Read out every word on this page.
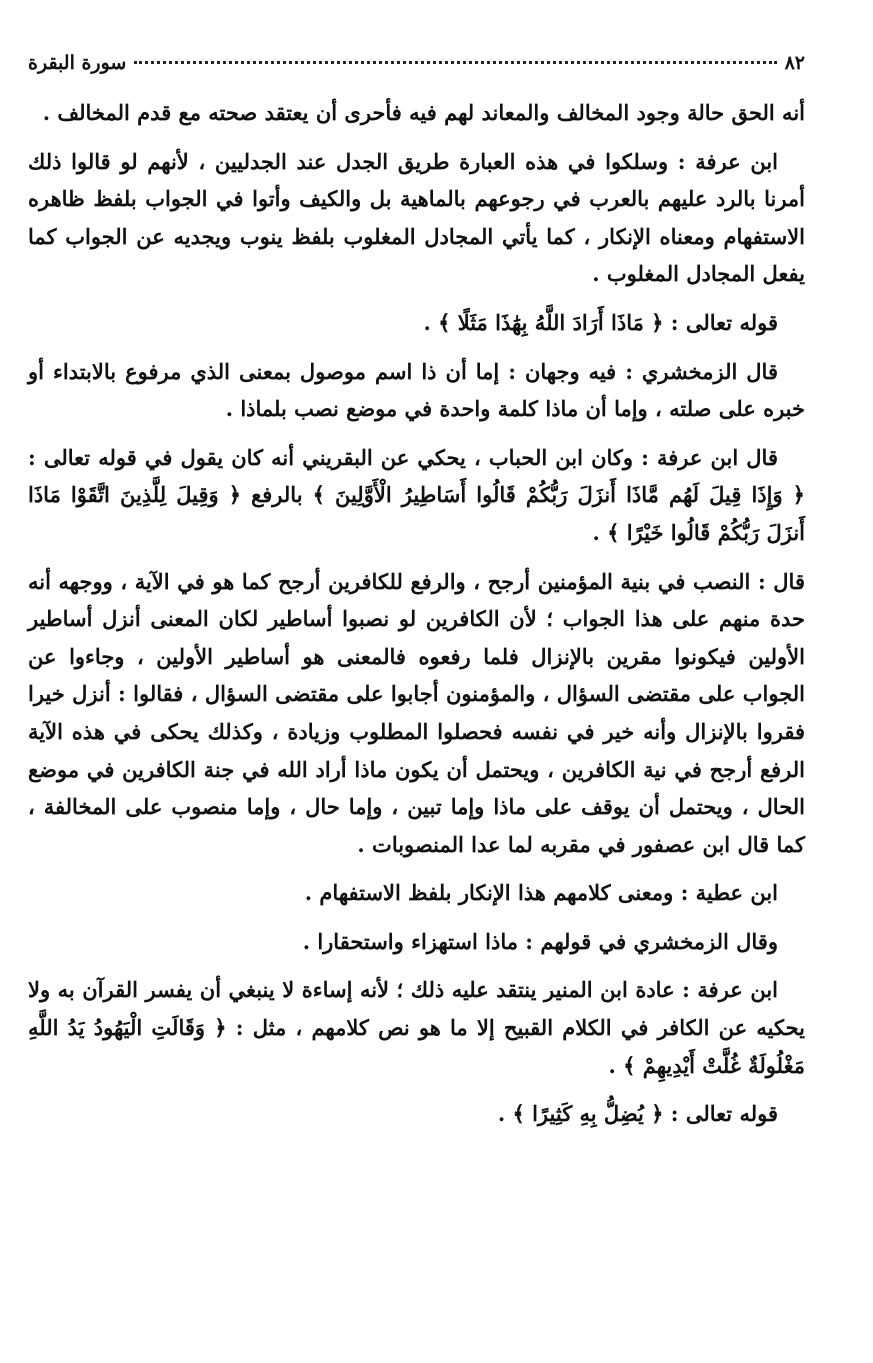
٨٢
سورة البقرة

أنه الحق حالة وجود المخالف والمعاند لهم فيه فأحرى أن يعتقد صحته مع قدم المخالف .

ابن عرفة : وسلكوا في هذه العبارة طريق الجدل عند الجدليين ، لأنهم لو قالوا ذلك أمرنا بالرد عليهم بالعرب في رجوعهم بالماهية بل والكيف وأتوا في الجواب بلفظ ظاهره الاستفهام ومعناه الإنكار ، كما يأتي المجادل المغلوب بلفظ ينوب ويجديه عن الجواب كما يفعل المجادل المغلوب .

قوله تعالى : ﴿ مَاذَا أَرَادَ اللَّهُ بِهَٰذَا مَثَلًا ﴾ .

قال الزمخشري : فيه وجهان : إما أن ذا اسم موصول بمعنى الذي مرفوع بالابتداء أو خبره على صلته ، وإما أن ماذا كلمة واحدة في موضع نصب بلماذا .

قال ابن عرفة : وكان ابن الحباب ، يحكي عن البقريني أنه كان يقول في قوله تعالى : ﴿ وَإِذَا قِيلَ لَهُم مَّاذَا أَنزَلَ رَبُّكُمْ قَالُوا أَسَاطِيرُ الْأَوَّلِينَ ﴾ بالرفع ﴿ وَقِيلَ لِلَّذِينَ اتَّقَوْا مَاذَا أَنزَلَ رَبُّكُمْ قَالُوا خَيْرًا ﴾ .

قال : النصب في بنية المؤمنين أرجح ، والرفع للكافرين أرجح كما هو في الآية ، ووجهه أنه حدة منهم على هذا الجواب ؛ لأن الكافرين لو نصبوا أساطير لكان المعنى أنزل أساطير الأولين فيكونوا مقرين بالإنزال فلما رفعوه فالمعنى هو أساطير الأولين ، وجاءوا عن الجواب على مقتضى السؤال ، والمؤمنون أجابوا على مقتضى السؤال ، فقالوا : أنزل خيرا فقروا بالإنزال وأنه خير في نفسه فحصلوا المطلوب وزيادة ، وكذلك يحكى في هذه الآية الرفع أرجح في نية الكافرين ، ويحتمل أن يكون ماذا أراد الله في جنة الكافرين في موضع الحال ، ويحتمل أن يوقف على ماذا وإما تبين ، وإما حال ، وإما منصوب على المخالفة ، كما قال ابن عصفور في مقربه لما عدا المنصوبات .

ابن عطية : ومعنى كلامهم هذا الإنكار بلفظ الاستفهام .

وقال الزمخشري في قولهم : ماذا استهزاء واستحقارا .

ابن عرفة : عادة ابن المنير ينتقد عليه ذلك ؛ لأنه إساءة لا ينبغي أن يفسر القرآن به ولا يحكيه عن الكافر في الكلام القبيح إلا ما هو نص كلامهم ، مثل : ﴿ وَقَالَتِ الْيَهُودُ يَدُ اللَّهِ مَغْلُولَةٌ غُلَّتْ أَيْدِيهِمْ ﴾ .

قوله تعالى : ﴿ يُضِلُّ بِهِ كَثِيرًا ﴾ .
